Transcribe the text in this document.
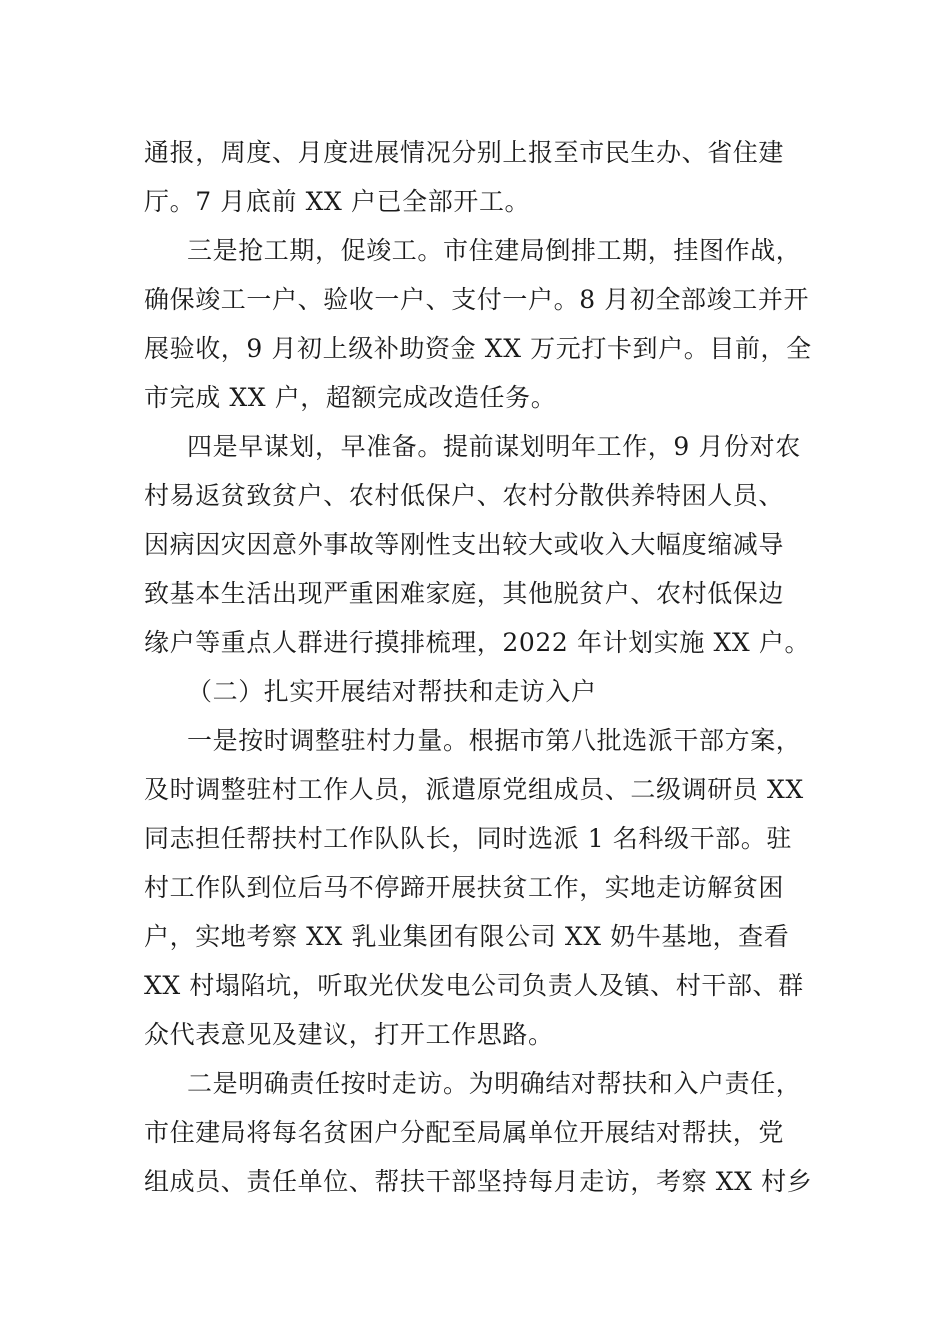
通报，周度、月度进展情况分别上报至市民生办、省住建
厅。7 月底前 XX 户已全部开工。
三是抢工期，促竣工。市住建局倒排工期，挂图作战，
确保竣工一户、验收一户、支付一户。8 月初全部竣工并开
展验收，9 月初上级补助资金 XX 万元打卡到户。目前，全
市完成 XX 户，超额完成改造任务。
四是早谋划，早准备。提前谋划明年工作，9 月份对农
村易返贫致贫户、农村低保户、农村分散供养特困人员、
因病因灾因意外事故等刚性支出较大或收入大幅度缩减导
致基本生活出现严重困难家庭，其他脱贫户、农村低保边
缘户等重点人群进行摸排梳理，2022 年计划实施 XX 户。
（二）扎实开展结对帮扶和走访入户
一是按时调整驻村力量。根据市第八批选派干部方案，
及时调整驻村工作人员，派遣原党组成员、二级调研员 XX
同志担任帮扶村工作队队长，同时选派 1 名科级干部。驻
村工作队到位后马不停蹄开展扶贫工作，实地走访解贫困
户，实地考察 XX 乳业集团有限公司 XX 奶牛基地，查看
XX 村塌陷坑，听取光伏发电公司负责人及镇、村干部、群
众代表意见及建议，打开工作思路。
二是明确责任按时走访。为明确结对帮扶和入户责任，
市住建局将每名贫困户分配至局属单位开展结对帮扶，党
组成员、责任单位、帮扶干部坚持每月走访，考察 XX 村乡
